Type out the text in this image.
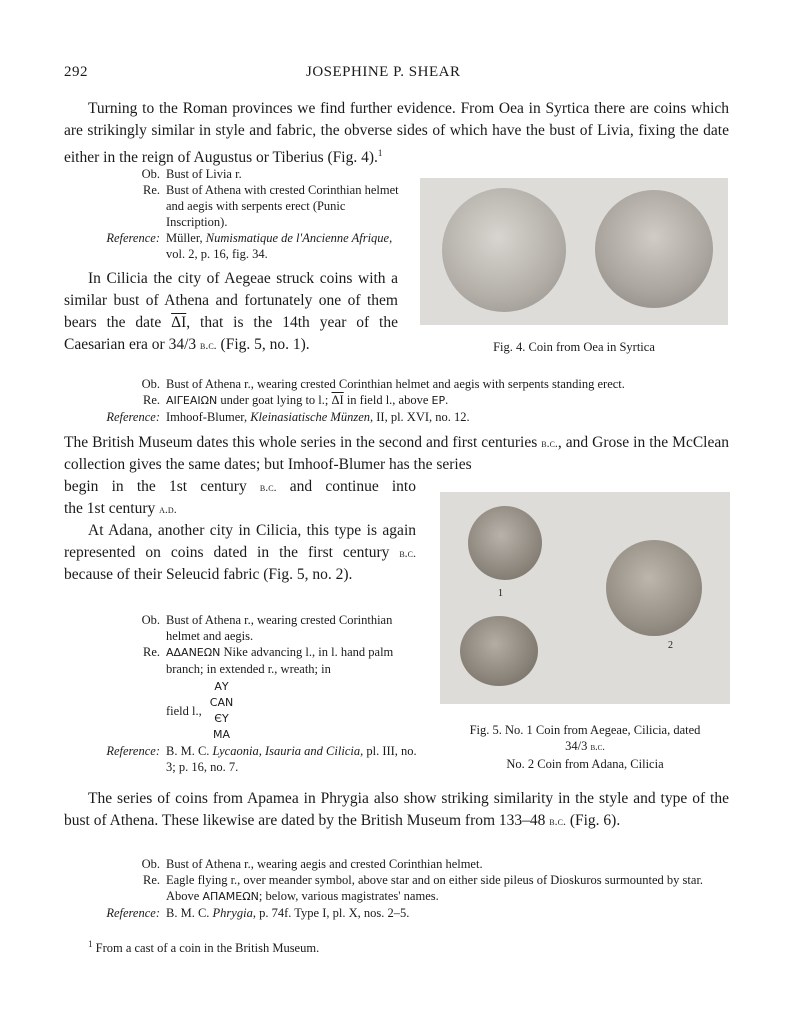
292	JOSEPHINE P. SHEAR
Turning to the Roman provinces we find further evidence. From Oea in Syrtica there are coins which are strikingly similar in style and fabric, the obverse sides of which have the bust of Livia, fixing the date either in the reign of Augustus or Tiberius (Fig. 4).$^1$
Ob. Bust of Livia r.
Re. Bust of Athena with crested Corinthian helmet and aegis with serpents erect (Punic Inscription).
Reference: Müller, Numismatique de l'Ancienne Afrique, vol. 2, p. 16, fig. 34.
Fig. 4. Coin from Oea in Syrtica
In Cilicia the city of Aegeae struck coins with a similar bust of Athena and fortunately one of them bears the date $\overline{\Delta I}$, that is the 14th year of the Caesarian era or 34/3 b.c. (Fig. 5, no. 1).
Ob. Bust of Athena r., wearing crested Corinthian helmet and aegis with serpents standing erect.
Re. ΑΙΓΕΑΙΩΝ under goat lying to l.; $\overline{\Delta I}$ in field l., above ΕΡ.
Reference: Imhoof-Blumer, Kleinasiatische Münzen, II, pl. XVI, no. 12.
The British Museum dates this whole series in the second and first centuries b.c., and Grose in the McClean collection gives the same dates; but Imhoof-Blumer has the series
begin in the 1st century b.c. and continue into
the 1st century a.d.
At Adana, another city in Cilicia, this type is again represented on coins dated in the first century b.c. because of their Seleucid fabric (Fig. 5, no. 2).
1
2
Fig. 5. No. 1 Coin from Aegeae, Cilicia, dated
34/3 b.c.
No. 2 Coin from Adana, Cilicia
Ob. Bust of Athena r., wearing crested Corinthian helmet and aegis.
Re. ΑΔΑΝΕΩΝ Nike advancing l., in l. hand palm branch; in extended r., wreath; in
field l.,
ΑΥ
CAN
ЄΥ
ΜΑ
Reference: B. M. C. Lycaonia, Isauria and Cilicia, pl. III, no. 3; p. 16, no. 7.
The series of coins from Apamea in Phrygia also show striking similarity in the style and type of the bust of Athena. These likewise are dated by the British Museum from 133–48 b.c. (Fig. 6).
Ob. Bust of Athena r., wearing aegis and crested Corinthian helmet.
Re. Eagle flying r., over meander symbol, above star and on either side pileus of Dioskuros surmounted by star. Above ΑΠΑΜΕΩΝ; below, various magistrates' names.
Reference: B. M. C. Phrygia, p. 74f. Type I, pl. X, nos. 2–5.
$^1$ From a cast of a coin in the British Museum.
